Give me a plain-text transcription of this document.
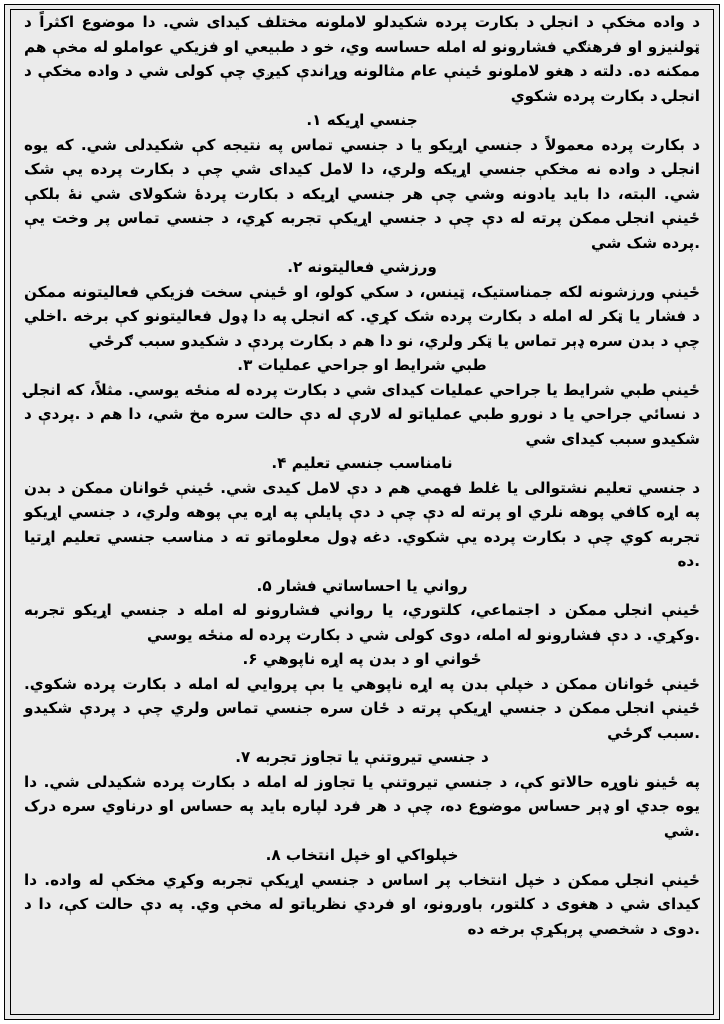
د واده مخکې د انجلۍ د بکارت پرده شکیدلو لاملونه مختلف کیدای شي. دا موضوع اکثراً د ټولنیزو او فرهنګي فشارونو له امله حساسه وي، خو د طبیعي او فزیکي عواملو له مخې هم ممکنه ده. دلته د هغو لاملونو ځینې عام مثالونه وړاندې کیږي چې کولی شي د واده مخکې د انجلۍ د بکارت پرده شکوي

جنسي اړیکه ۱.

د بکارت پرده معمولاً د جنسي اړیکو یا د جنسي تماس په نتیجه کې شکیدلی شي. که یوه انجلۍ د واده نه مخکې جنسي اړیکه ولري، دا لامل کیدای شي چې د بکارت پرده یې شک شي. البته، دا باید یادونه وشي چې هر جنسي اړیکه د بکارت پردهٔ شکولای شي نهٔ بلکې ځینې انجلۍ ممکن پرته له دې چې د جنسي اړیکې تجربه کړي، د جنسي تماس پر وخت یې .پرده شک شي

ورزشي فعالیتونه ۲.

ځینې ورزشونه لکه جمناستیک، ټینس، د سکي کولو، او ځینې سخت فزیکي فعالیتونه ممکن د فشار یا ټکر له امله د بکارت پرده شک کړي. که انجلۍ په دا ډول فعالیتونو کې برخه .اخلي چې د بدن سره ډېر تماس یا ټکر ولري، نو دا هم د بکارت پردې د شکیدو سبب ګرځي

طبي شرایط او جراحي عملیات ۳.

ځینې طبي شرایط یا جراحي عملیات کیدای شي د بکارت پرده له منځه یوسي. مثلاً، که انجلۍ د نسائي جراحي یا د نورو طبي عملیاتو له لارې له دې حالت سره مخ شي، دا هم د .پردې د شکیدو سبب کیدای شي

نامناسب جنسي تعلیم ۴.

د جنسي تعلیم نشتوالی یا غلط فهمي هم د دې لامل کیدی شي. ځینې ځوانان ممکن د بدن په اړه کافي پوهه نلري او پرته له دې چې د دې پایلې په اړه یې پوهه ولري، د جنسي اړیکو تجربه کوي چې د بکارت پرده یې شکوي. دغه ډول معلوماتو ته د مناسب جنسي تعلیم اړتیا .ده

رواني یا احساساتي فشار ۵.

ځینې انجلۍ ممکن د اجتماعي، کلتوري، یا رواني فشارونو له امله د جنسي اړیکو تجربه .وکړي. د دې فشارونو له امله، دوی کولی شي د بکارت پرده له منځه یوسي

ځواني او د بدن په اړه ناپوهي ۶.

ځینې ځوانان ممکن د خپلې بدن په اړه ناپوهي یا بې پروایي له امله د بکارت پرده شکوي. ځینې انجلۍ ممکن د جنسي اړیکې پرته د ځان سره جنسي تماس ولري چې د پردې شکیدو .سبب ګرځي

د جنسي تیروتنې یا تجاوز تجربه ۷.

په ځینو ناوړه حالاتو کې، د جنسي تیروتنې یا تجاوز له امله د بکارت پرده شکیدلی شي. دا یوه جدي او ډېر حساس موضوع ده، چې د هر فرد لپاره باید په حساس او درناوي سره درک .شي

خپلواکي او خپل انتخاب ۸.

ځینې انجلۍ ممکن د خپل انتخاب پر اساس د جنسي اړیکې تجربه وکړي مخکې له واده. دا کیدای شي د هغوی د کلتور، باورونو، او فردي نظریاتو له مخې وي. په دې حالت کې، دا د .دوی د شخصي پرېکړې برخه ده
